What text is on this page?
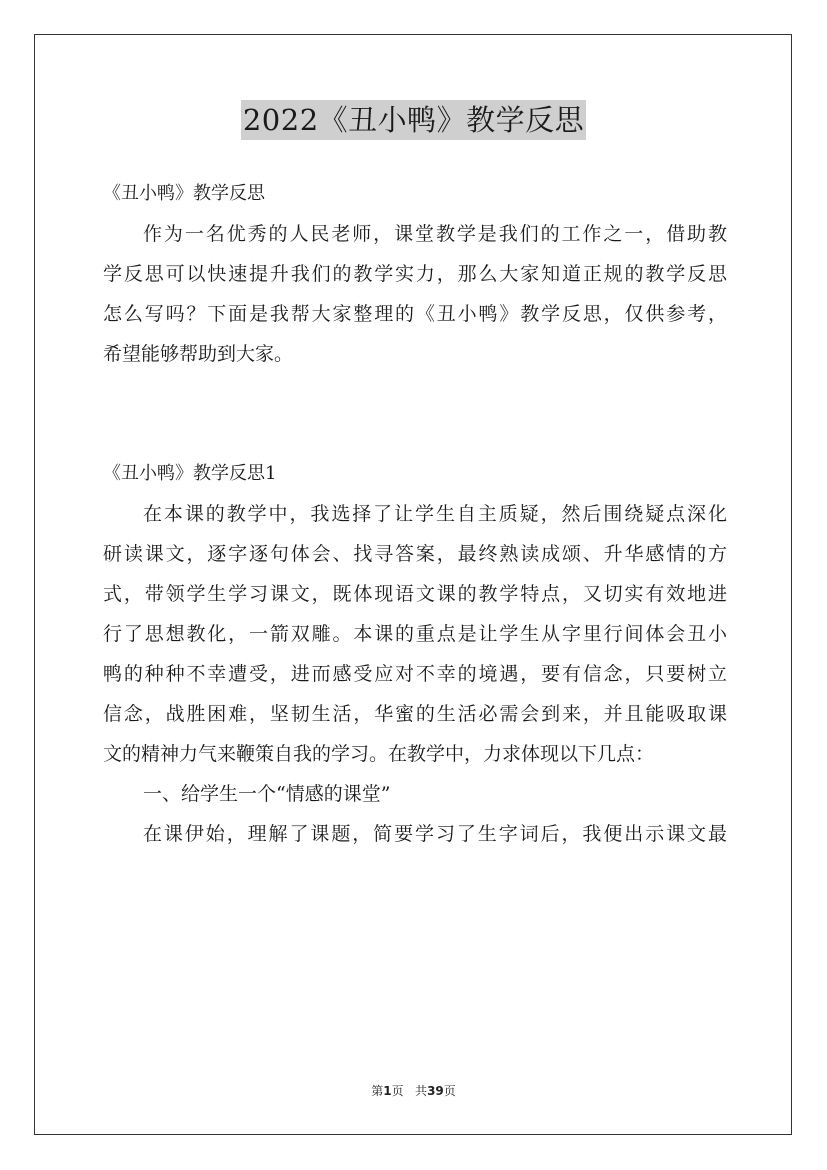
2022《丑小鸭》教学反思
《丑小鸭》教学反思
作为一名优秀的人民老师，课堂教学是我们的工作之一，借助教
学反思可以快速提升我们的教学实力，那么大家知道正规的教学反思
怎么写吗？下面是我帮大家整理的《丑小鸭》教学反思，仅供参考，
希望能够帮助到大家。
《丑小鸭》教学反思1
在本课的教学中，我选择了让学生自主质疑，然后围绕疑点深化
研读课文，逐字逐句体会、找寻答案，最终熟读成颂、升华感情的方
式，带领学生学习课文，既体现语文课的教学特点，又切实有效地进
行了思想教化，一箭双雕。本课的重点是让学生从字里行间体会丑小
鸭的种种不幸遭受，进而感受应对不幸的境遇，要有信念，只要树立
信念，战胜困难，坚韧生活，华蜜的生活必需会到来，并且能吸取课
文的精神力气来鞭策自我的学习。在教学中，力求体现以下几点：
一、给学生一个“情感的课堂”
在课伊始，理解了课题，简要学习了生字词后，我便出示课文最
第1页 共39页
